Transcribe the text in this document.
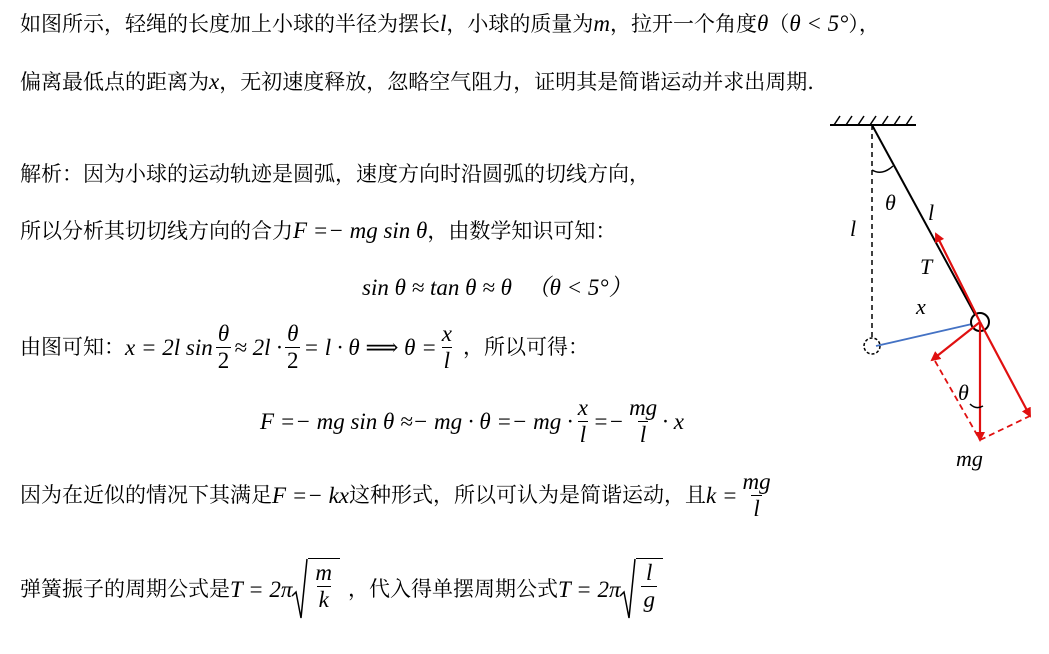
如图所示，轻绳的长度加上小球的半径为摆长l，小球的质量为m，拉开一个角度θ（θ < 5°），
偏离最低点的距离为x，无初速度释放，忽略空气阻力，证明其是简谐运动并求出周期.
解析：因为小球的运动轨迹是圆弧，速度方向时沿圆弧的切线方向，
所以分析其切切线方向的合力F =− mg sin θ，由数学知识可知：
sin θ ≈ tan θ ≈ θ （θ < 5°）
由图可知： x = 2l $\sin \frac{\theta}{2} \approx 2l \cdot \frac{\theta}{2} = l \cdot \theta$ ⟹ $\theta = \frac{x}{l}$ ，所以可得：
F =− mg sin θ ≈− mg · θ =− mg · $\frac{x}{l} =- \frac{mg}{l} \cdot x$
因为在近似的情况下其满足 F =− kx 这种形式，所以可认为是简谐运动，且 $k = \frac{mg}{l}$
弹簧振子的周期公式是 $T = 2\pi \frac{m}{k}$ ，代入得单摆周期公式 $T = 2\pi \frac{l}{g}$
θ l
l
T
x
θ
mg
